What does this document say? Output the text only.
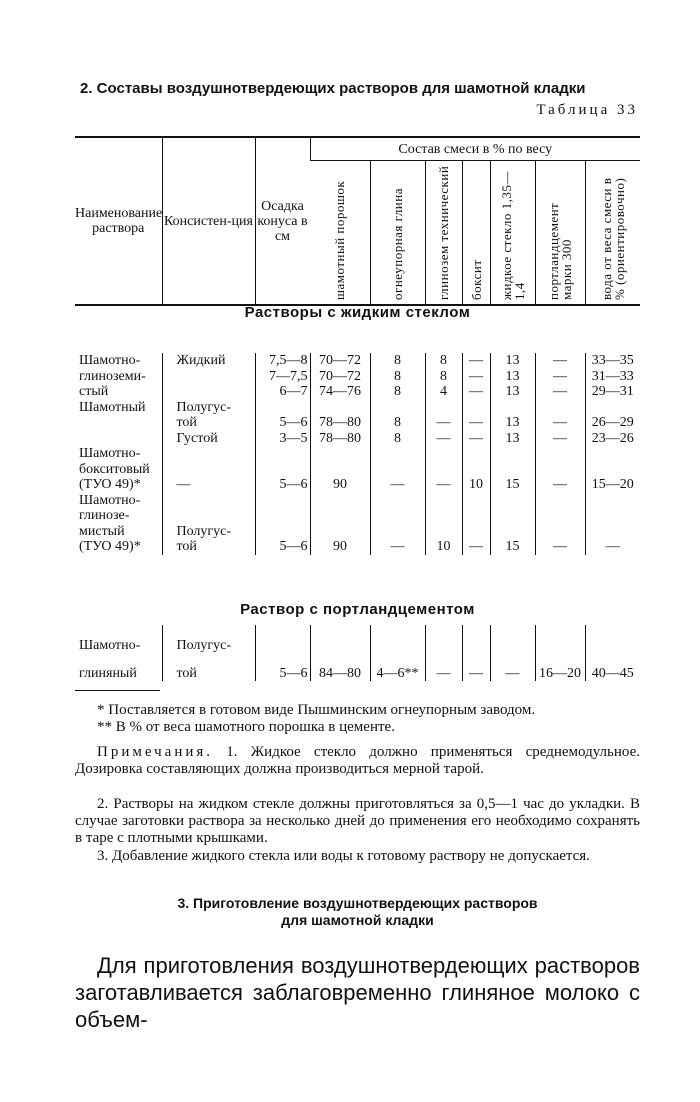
2. Составы воздушнотвердеющих растворов для шамотной кладки
Таблица 33
Наименование раствора	Консистен-ция	Осадка конуса в см	Состав смеси в % по весу						

			шамотный порошок	огнеупорная глина	глинозем технический	боксит	жидкое стекло 1,35—1,4	портландцемент марки 300	вода от веса смеси в % (ориентировочно)
Растворы с жидким стеклом
Шамотно-	Жидкий	7,5—8	70—72	8	8	—	13	—	33—35
глиноземи-		7—7,5	70—72	8	8	—	13	—	31—33
стый		6—7	74—76	8	4	—	13	—	29—31
Шамотный	Полугус-								
	той	5—6	78—80	8	—	—	13	—	26—29
	Густой	3—5	78—80	8	—	—	13	—	23—26
Шамотно-									
бокситовый									
(ТУО 49)*	—	5—6	90	—	—	10	15	—	15—20
Шамотно-									
глинозе-									
мистый	Полугус-								
(ТУО 49)*	той	5—6	90	—	10	—	15	—	—
Раствор с портландцементом
Шамотно-	Полугус-								
глиняный	той	5—6	84—80	4—6**	—	—	—	16—20	40—45
* Поставляется в готовом виде Пышминским огнеупорным заводом.
** В % от веса шамотного порошка в цементе.
Примечания. 1. Жидкое стекло должно применяться среднемодульное. Дозировка составляющих должна производиться мерной тарой.
2. Растворы на жидком стекле должны приготовляться за 0,5—1 час до укладки. В случае заготовки раствора за несколько дней до применения его необходимо сохранять в таре с плотными крышками.
3. Добавление жидкого стекла или воды к готовому раствору не допускается.
3. Приготовление воздушнотвердеющих растворов
для шамотной кладки
Для приготовления воздушнотвердеющих растворов заготавливается заблаговременно глиняное молоко с объем-
